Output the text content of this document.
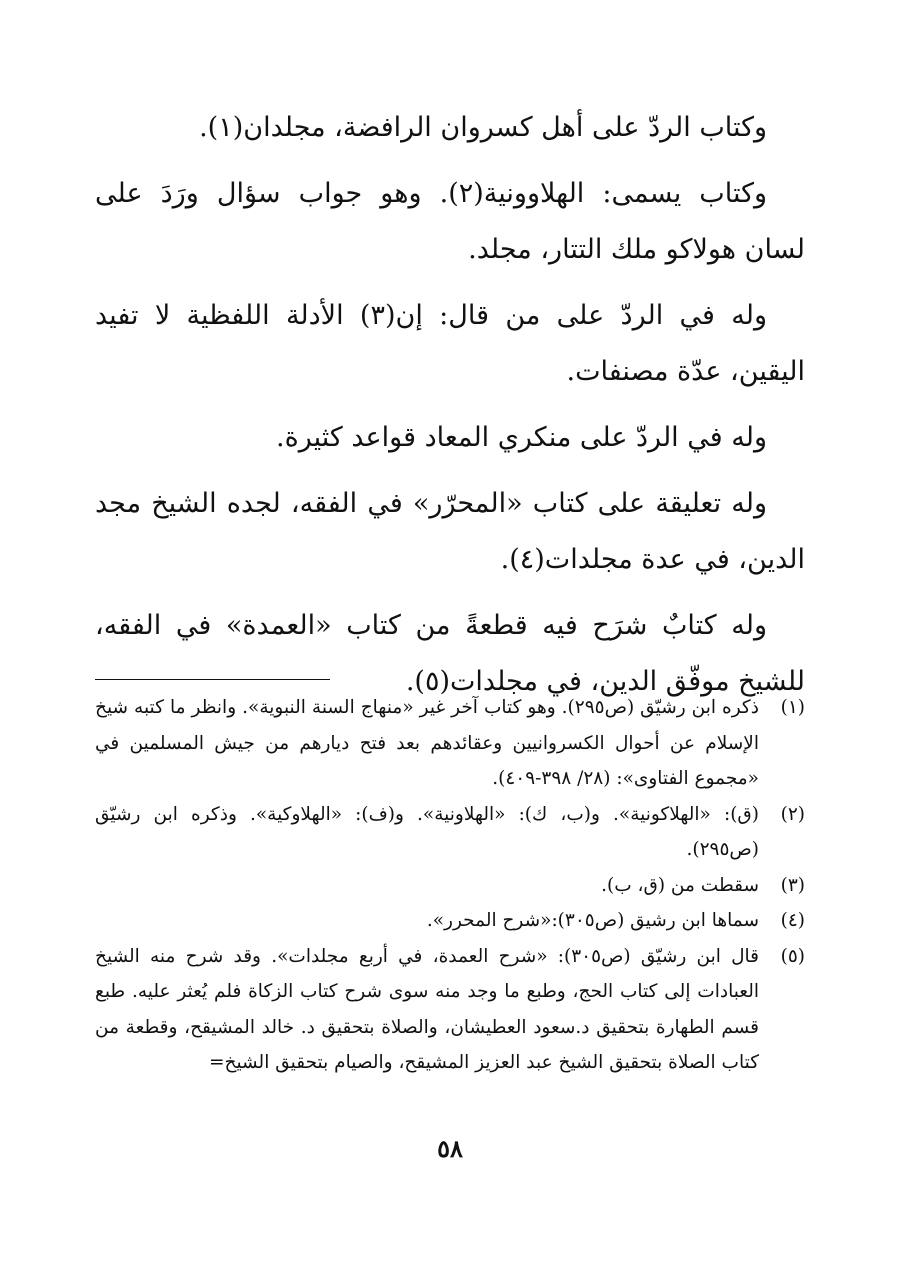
وكتاب الردّ على أهل كسروان الرافضة، مجلدان(١).

وكتاب يسمى: الهلاوونية(٢). وهو جواب سؤال ورَدَ على لسان هولاكو ملك التتار، مجلد.

وله في الردّ على من قال: إن(٣) الأدلة اللفظية لا تفيد اليقين، عدّة مصنفات.

وله في الردّ على منكري المعاد قواعد كثيرة.

وله تعليقة على كتاب «المحرّر» في الفقه، لجده الشيخ مجد الدين، في عدة مجلدات(٤).

وله كتابٌ شرَح فيه قطعةً من كتاب «العمدة» في الفقه، للشيخ موفّق الدين، في مجلدات(٥).

(١)
ذكره ابن رشيّق (ص٢٩٥). وهو كتاب آخر غير «منهاج السنة النبوية». وانظر ما كتبه شيخ الإسلام عن أحوال الكسروانيين وعقائدهم بعد فتح ديارهم من جيش المسلمين في «مجموع الفتاوى»: (٢٨/ ٣٩٨-٤٠٩).
(٢)
(ق): «الهلاكونية». و(ب، ك): «الهلاونية». و(ف): «الهلاوكية». وذكره ابن رشيّق (ص٢٩٥).
(٣)
سقطت من (ق، ب).
(٤)
سماها ابن رشيق (ص٣٠٥):«شرح المحرر».
(٥)
قال ابن رشيّق (ص٣٠٥): «شرح العمدة، في أربع مجلدات». وقد شرح منه الشيخ العبادات إلى كتاب الحج، وطبع ما وجد منه سوى شرح كتاب الزكاة فلم يُعثر عليه. طبع قسم الطهارة بتحقيق د.سعود العطيشان، والصلاة بتحقيق د. خالد المشيقح، وقطعة من كتاب الصلاة بتحقيق الشيخ عبد العزيز المشيقح، والصيام بتحقيق الشيخ=
٥٨
